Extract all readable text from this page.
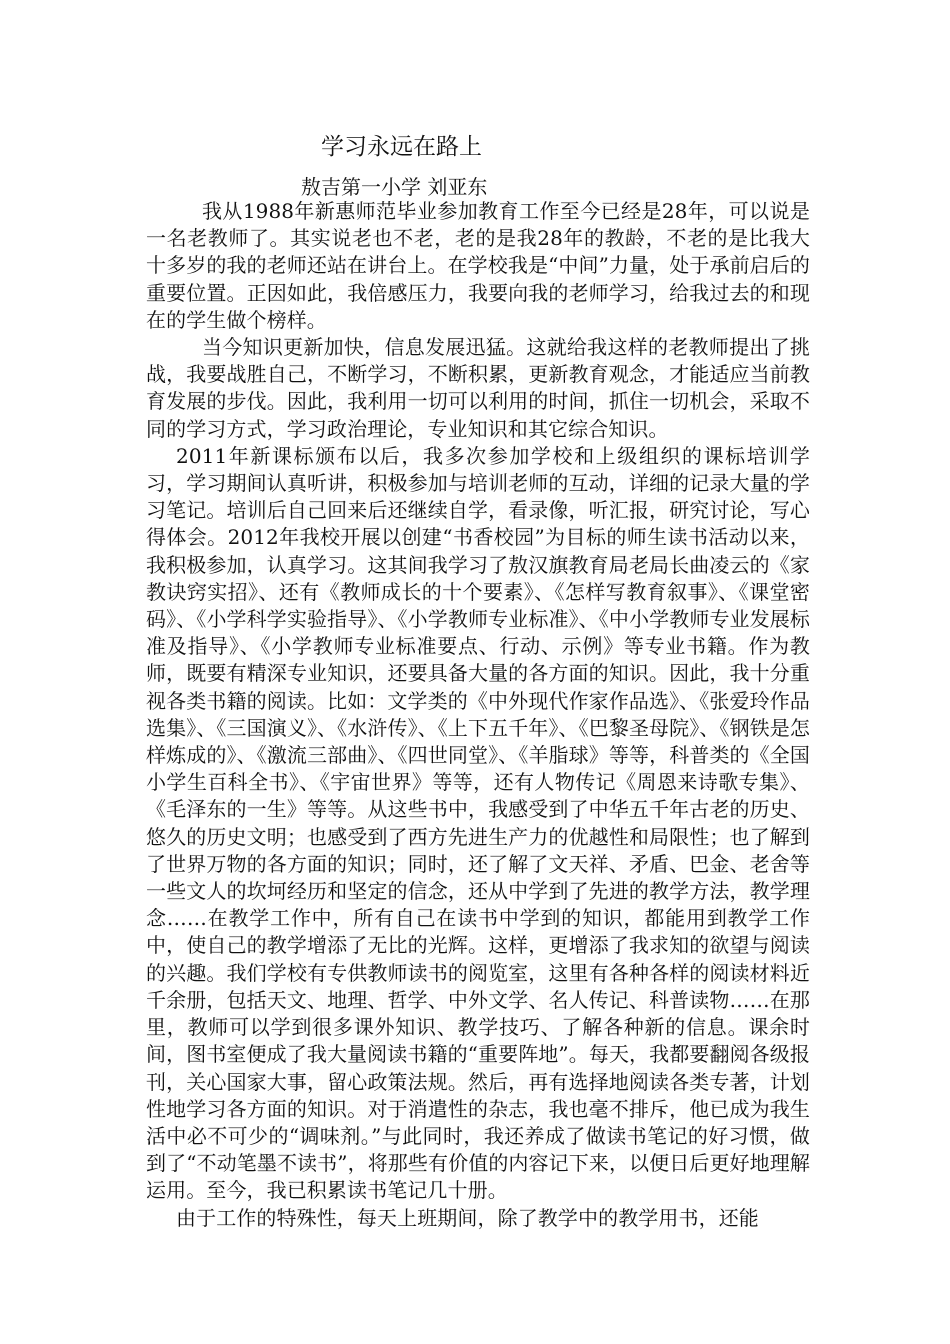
学习永远在路上

敖吉第一小学 刘亚东

我从1988年新惠师范毕业参加教育工作至今已经是28年，可以说是一名老教师了。其实说老也不老，老的是我28年的教龄，不老的是比我大十多岁的我的老师还站在讲台上。在学校我是“中间”力量，处于承前启后的重要位置。正因如此，我倍感压力，我要向我的老师学习，给我过去的和现在的学生做个榜样。

当今知识更新加快，信息发展迅猛。这就给我这样的老教师提出了挑战，我要战胜自己，不断学习，不断积累，更新教育观念，才能适应当前教育发展的步伐。因此，我利用一切可以利用的时间，抓住一切机会，采取不同的学习方式，学习政治理论，专业知识和其它综合知识。

2011年新课标颁布以后，我多次参加学校和上级组织的课标培训学习，学习期间认真听讲，积极参加与培训老师的互动，详细的记录大量的学习笔记。培训后自己回来后还继续自学，看录像，听汇报，研究讨论，写心得体会。2012年我校开展以创建“书香校园”为目标的师生读书活动以来，我积极参加，认真学习。这其间我学习了敖汉旗教育局老局长曲凌云的《家教诀窍实招》、还有《教师成长的十个要素》、《怎样写教育叙事》、《课堂密码》、《小学科学实验指导》、《小学教师专业标准》、《中小学教师专业发展标准及指导》、《小学教师专业标准要点、行动、示例》等专业书籍。作为教师，既要有精深专业知识，还要具备大量的各方面的知识。因此，我十分重视各类书籍的阅读。比如：文学类的《中外现代作家作品选》、《张爱玲作品选集》、《三国演义》、《水浒传》、《上下五千年》、《巴黎圣母院》、《钢铁是怎样炼成的》、《激流三部曲》、《四世同堂》、《羊脂球》等等，科普类的《全国小学生百科全书》、《宇宙世界》等等，还有人物传记《周恩来诗歌专集》、《毛泽东的一生》等等。从这些书中，我感受到了中华五千年古老的历史、悠久的历史文明；也感受到了西方先进生产力的优越性和局限性；也了解到了世界万物的各方面的知识；同时，还了解了文天祥、矛盾、巴金、老舍等一些文人的坎坷经历和坚定的信念，还从中学到了先进的教学方法，教学理念……在教学工作中，所有自己在读书中学到的知识，都能用到教学工作中，使自己的教学增添了无比的光辉。这样，更增添了我求知的欲望与阅读的兴趣。我们学校有专供教师读书的阅览室，这里有各种各样的阅读材料近千余册，包括天文、地理、哲学、中外文学、名人传记、科普读物……在那里，教师可以学到很多课外知识、教学技巧、了解各种新的信息。课余时间，图书室便成了我大量阅读书籍的“重要阵地”。每天，我都要翻阅各级报刊，关心国家大事，留心政策法规。然后，再有选择地阅读各类专著，计划性地学习各方面的知识。对于消遣性的杂志，我也毫不排斥，他已成为我生活中必不可少的“调味剂。”与此同时，我还养成了做读书笔记的好习惯，做到了“不动笔墨不读书”，将那些有价值的内容记下来，以便日后更好地理解运用。至今，我已积累读书笔记几十册。

由于工作的特殊性，每天上班期间，除了教学中的教学用书，还能
